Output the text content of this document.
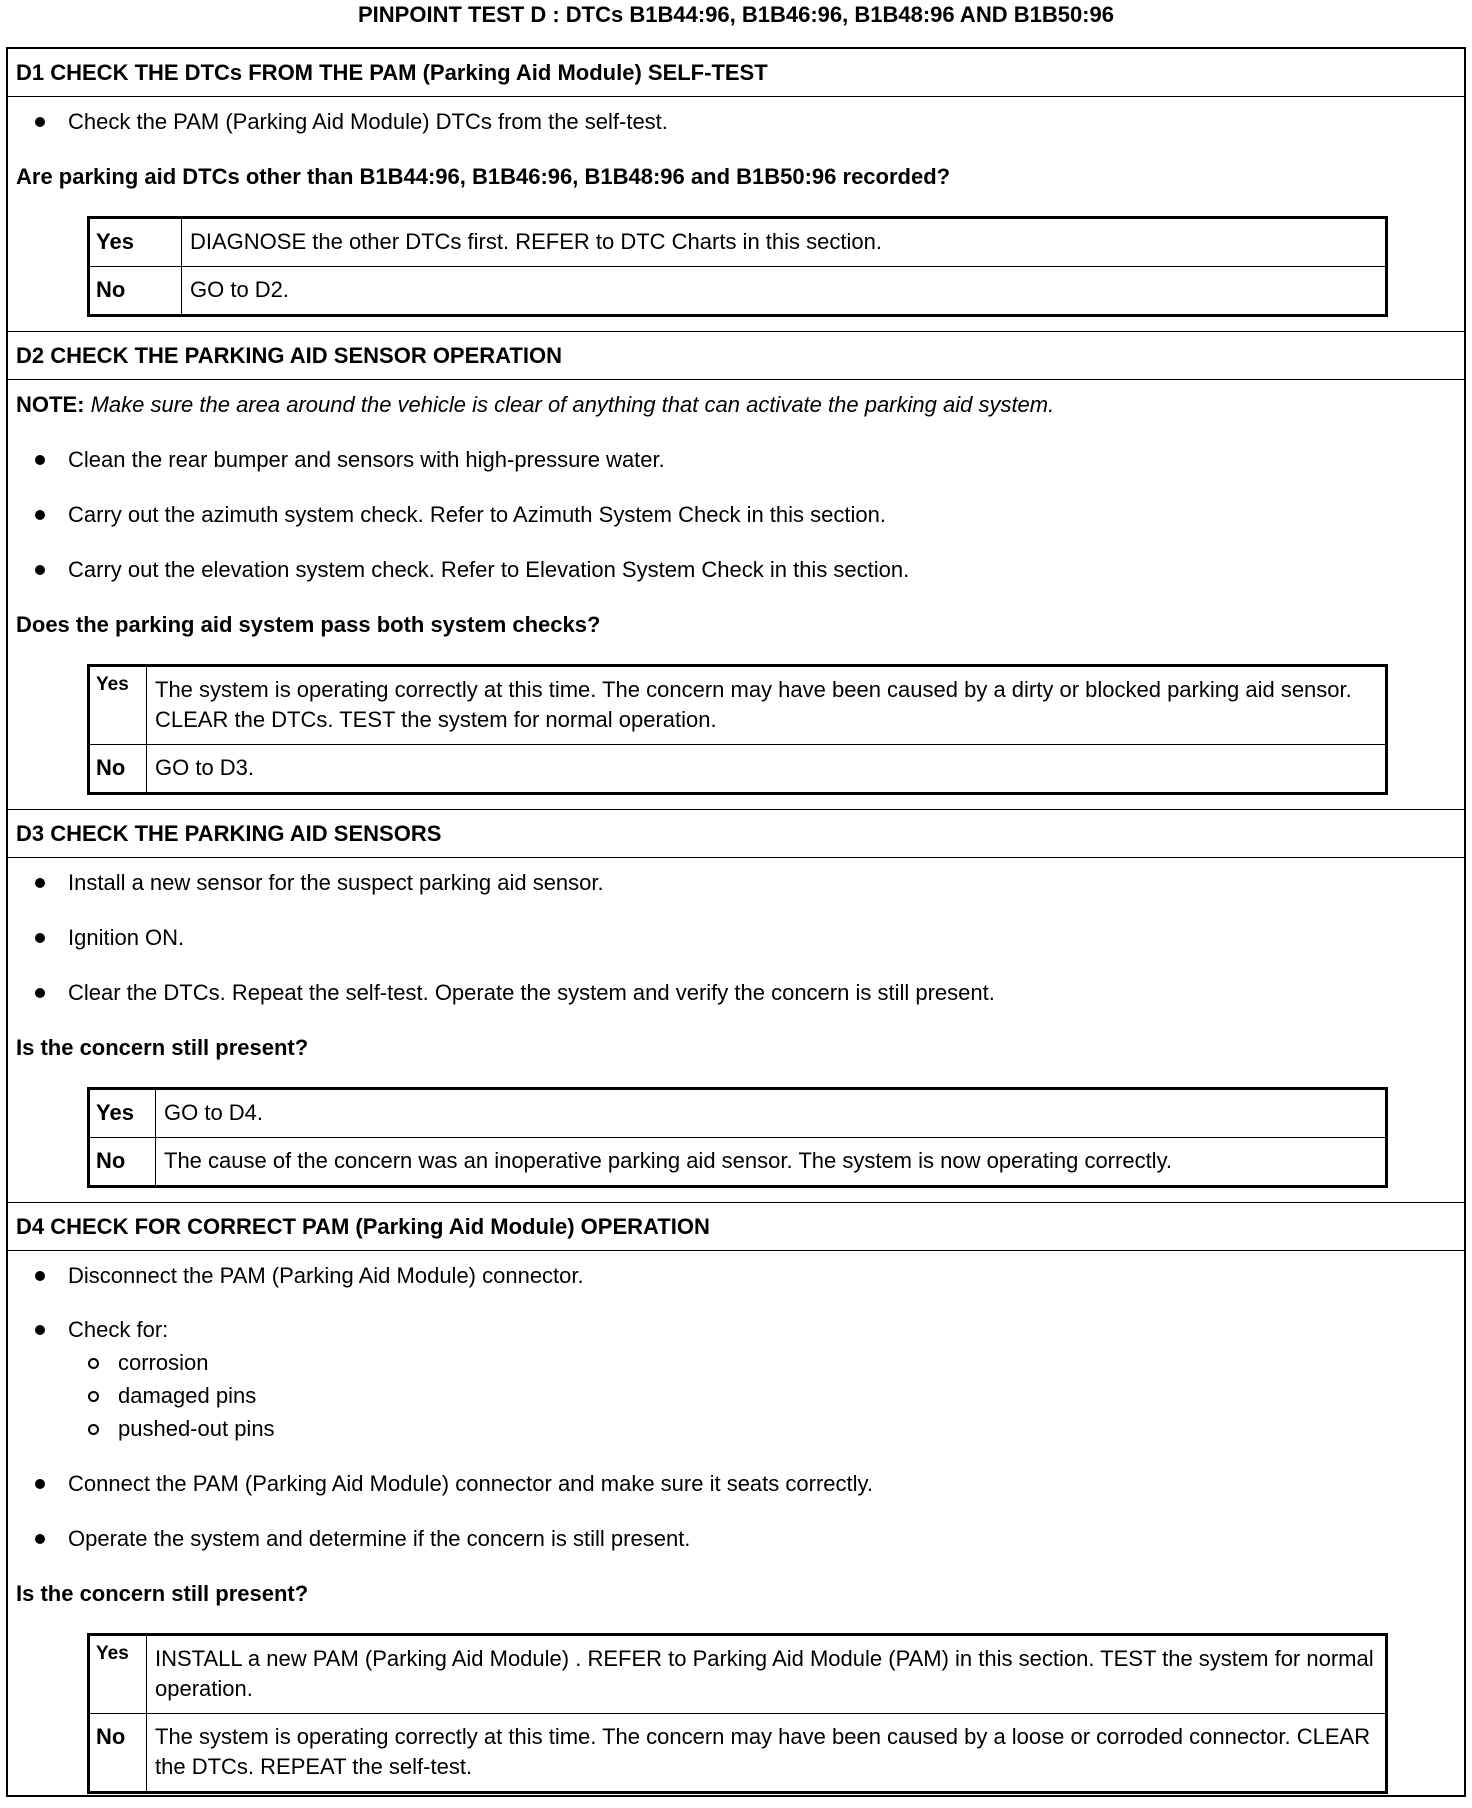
PINPOINT TEST D : DTCs B1B44:96, B1B46:96, B1B48:96 AND B1B50:96
D1 CHECK THE DTCs FROM THE PAM (Parking Aid Module) SELF-TEST
Check the PAM (Parking Aid Module) DTCs from the self-test.
Are parking aid DTCs other than B1B44:96, B1B46:96, B1B48:96 and B1B50:96 recorded?
Yes	DIAGNOSE the other DTCs first. REFER to DTC Charts in this section.
No	GO to D2.
D2 CHECK THE PARKING AID SENSOR OPERATION
NOTE: Make sure the area around the vehicle is clear of anything that can activate the parking aid system.
Clean the rear bumper and sensors with high-pressure water.
Carry out the azimuth system check. Refer to Azimuth System Check in this section.
Carry out the elevation system check. Refer to Elevation System Check in this section.
Does the parking aid system pass both system checks?
Yes	The system is operating correctly at this time. The concern may have been caused by a dirty or blocked parking aid sensor. CLEAR the DTCs. TEST the system for normal operation.
No	GO to D3.
D3 CHECK THE PARKING AID SENSORS
Install a new sensor for the suspect parking aid sensor.
Ignition ON.
Clear the DTCs. Repeat the self-test. Operate the system and verify the concern is still present.
Is the concern still present?
Yes	GO to D4.
No	The cause of the concern was an inoperative parking aid sensor. The system is now operating correctly.
D4 CHECK FOR CORRECT PAM (Parking Aid Module) OPERATION
Disconnect the PAM (Parking Aid Module) connector.
Check for:
corrosion
damaged pins
pushed-out pins
Connect the PAM (Parking Aid Module) connector and make sure it seats correctly.
Operate the system and determine if the concern is still present.
Is the concern still present?
Yes	INSTALL a new PAM (Parking Aid Module) . REFER to Parking Aid Module (PAM) in this section. TEST the system for normal operation.
No	The system is operating correctly at this time. The concern may have been caused by a loose or corroded connector. CLEAR the DTCs. REPEAT the self-test.
